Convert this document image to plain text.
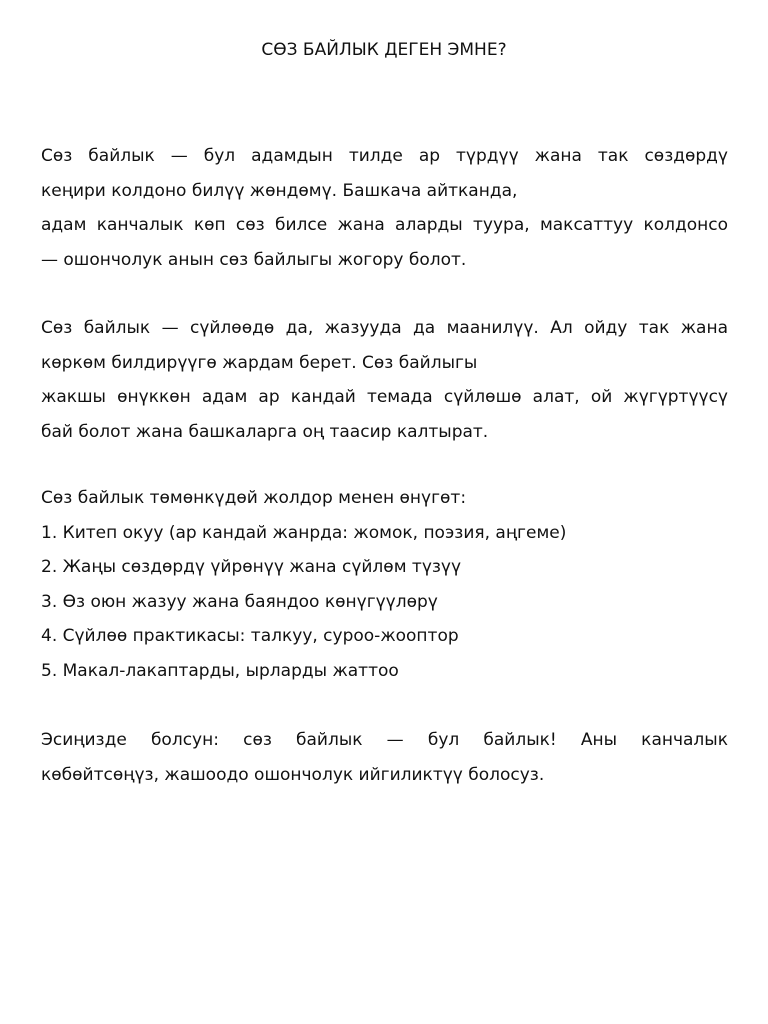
СӨЗ БАЙЛЫК ДЕГЕН ЭМНЕ?

Сөз байлык — бул адамдын тилде ар түрдүү жана так сөздөрдү

кеңири колдоно билүү жөндөмү. Башкача айтканда,

адам канчалык көп сөз билсе жана аларды туура, максаттуу колдонсо

— ошончолук анын сөз байлыгы жогору болот.

Сөз байлык — сүйлөөдө да, жазууда да маанилүү. Ал ойду так жана

көркөм билдирүүгө жардам берет. Сөз байлыгы

жакшы өнүккөн адам ар кандай темада сүйлөшө алат, ой жүгүртүүсү

бай болот жана башкаларга оң таасир калтырат.

Сөз байлык төмөнкүдөй жолдор менен өнүгөт:

1. Китеп окуу (ар кандай жанрда: жомок, поэзия, аңгеме)
2. Жаңы сөздөрдү үйрөнүү жана сүйлөм түзүү
3. Өз оюн жазуу жана баяндоо көнүгүүлөрү
4. Сүйлөө практикасы: талкуу, суроо-жооптор
5. Макал-лакаптарды, ырларды жаттоо

Эсиңизде болсун: сөз байлык — бул байлык! Аны канчалык

көбөйтсөңүз, жашоодо ошончолук ийгиликтүү болосуз.
